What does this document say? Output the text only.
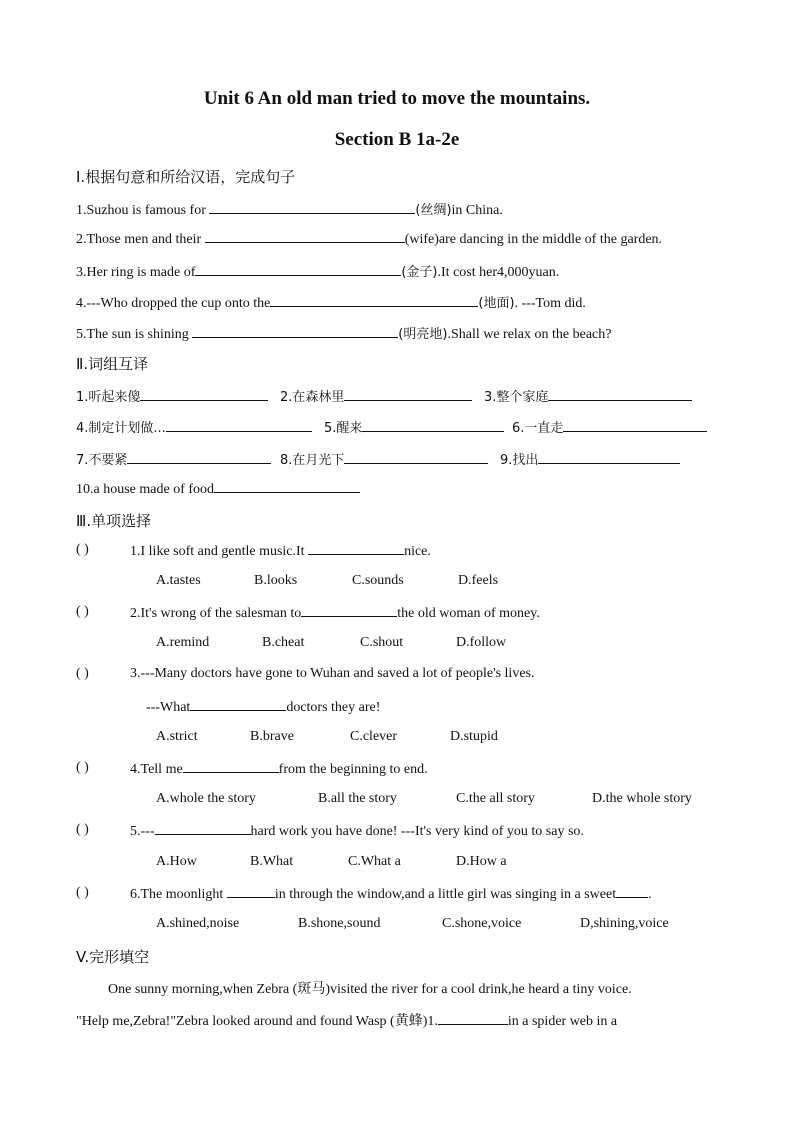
Unit 6 An old man tried to move the mountains.
Section B 1a-2e
I.根据句意和所给汉语，完成句子
1.Suzhou is famous for	(丝绸)in China.
2.Those men and their	(wife)are dancing in the middle of the garden.
3.Her ring is made of	(金子).It cost her4,000yuan.
4.---Who dropped the cup onto the	(地面). ---Tom did.
5.The sun is shining	(明亮地).Shall we relax on the beach?
Ⅱ.词组互译
1.听起来傻	2.在森林里	3.整个家庭
4.制定计划做...	5.醒来	6.一直走
7.不要紧	8.在月光下	9.找出
10.a house made of food
Ⅲ.单项选择
( )	1.I like soft and gentle music.It	nice.
A.tastes	B.looks	C.sounds	D.feels
( )	2.It's wrong of the salesman to	the old woman of money.
A.remind	B.cheat	C.shout	D.follow
( )	3.---Many doctors have gone to Wuhan and saved a lot of people's lives.
---What	doctors they are!
A.strict	B.brave	C.clever	D.stupid
( )	4.Tell me	from the beginning to end.
A.whole the story	B.all the story	C.the all story	D.the whole story
( )	5.---	hard work you have done! ---It's very kind of you to say so.
A.How	B.What	C.What a	D.How a
( )	6.The moonlight	in through the window,and a little girl was singing in a sweet .
A.shined,noise	B.shone,sound	C.shone,voice	D,shining,voice
V.完形填空
One sunny morning,when Zebra (斑马)visited the river for a cool drink,he heard a tiny voice.
"Help me,Zebra!"Zebra looked around and found Wasp (黄蜂)1.	in a spider web in a
